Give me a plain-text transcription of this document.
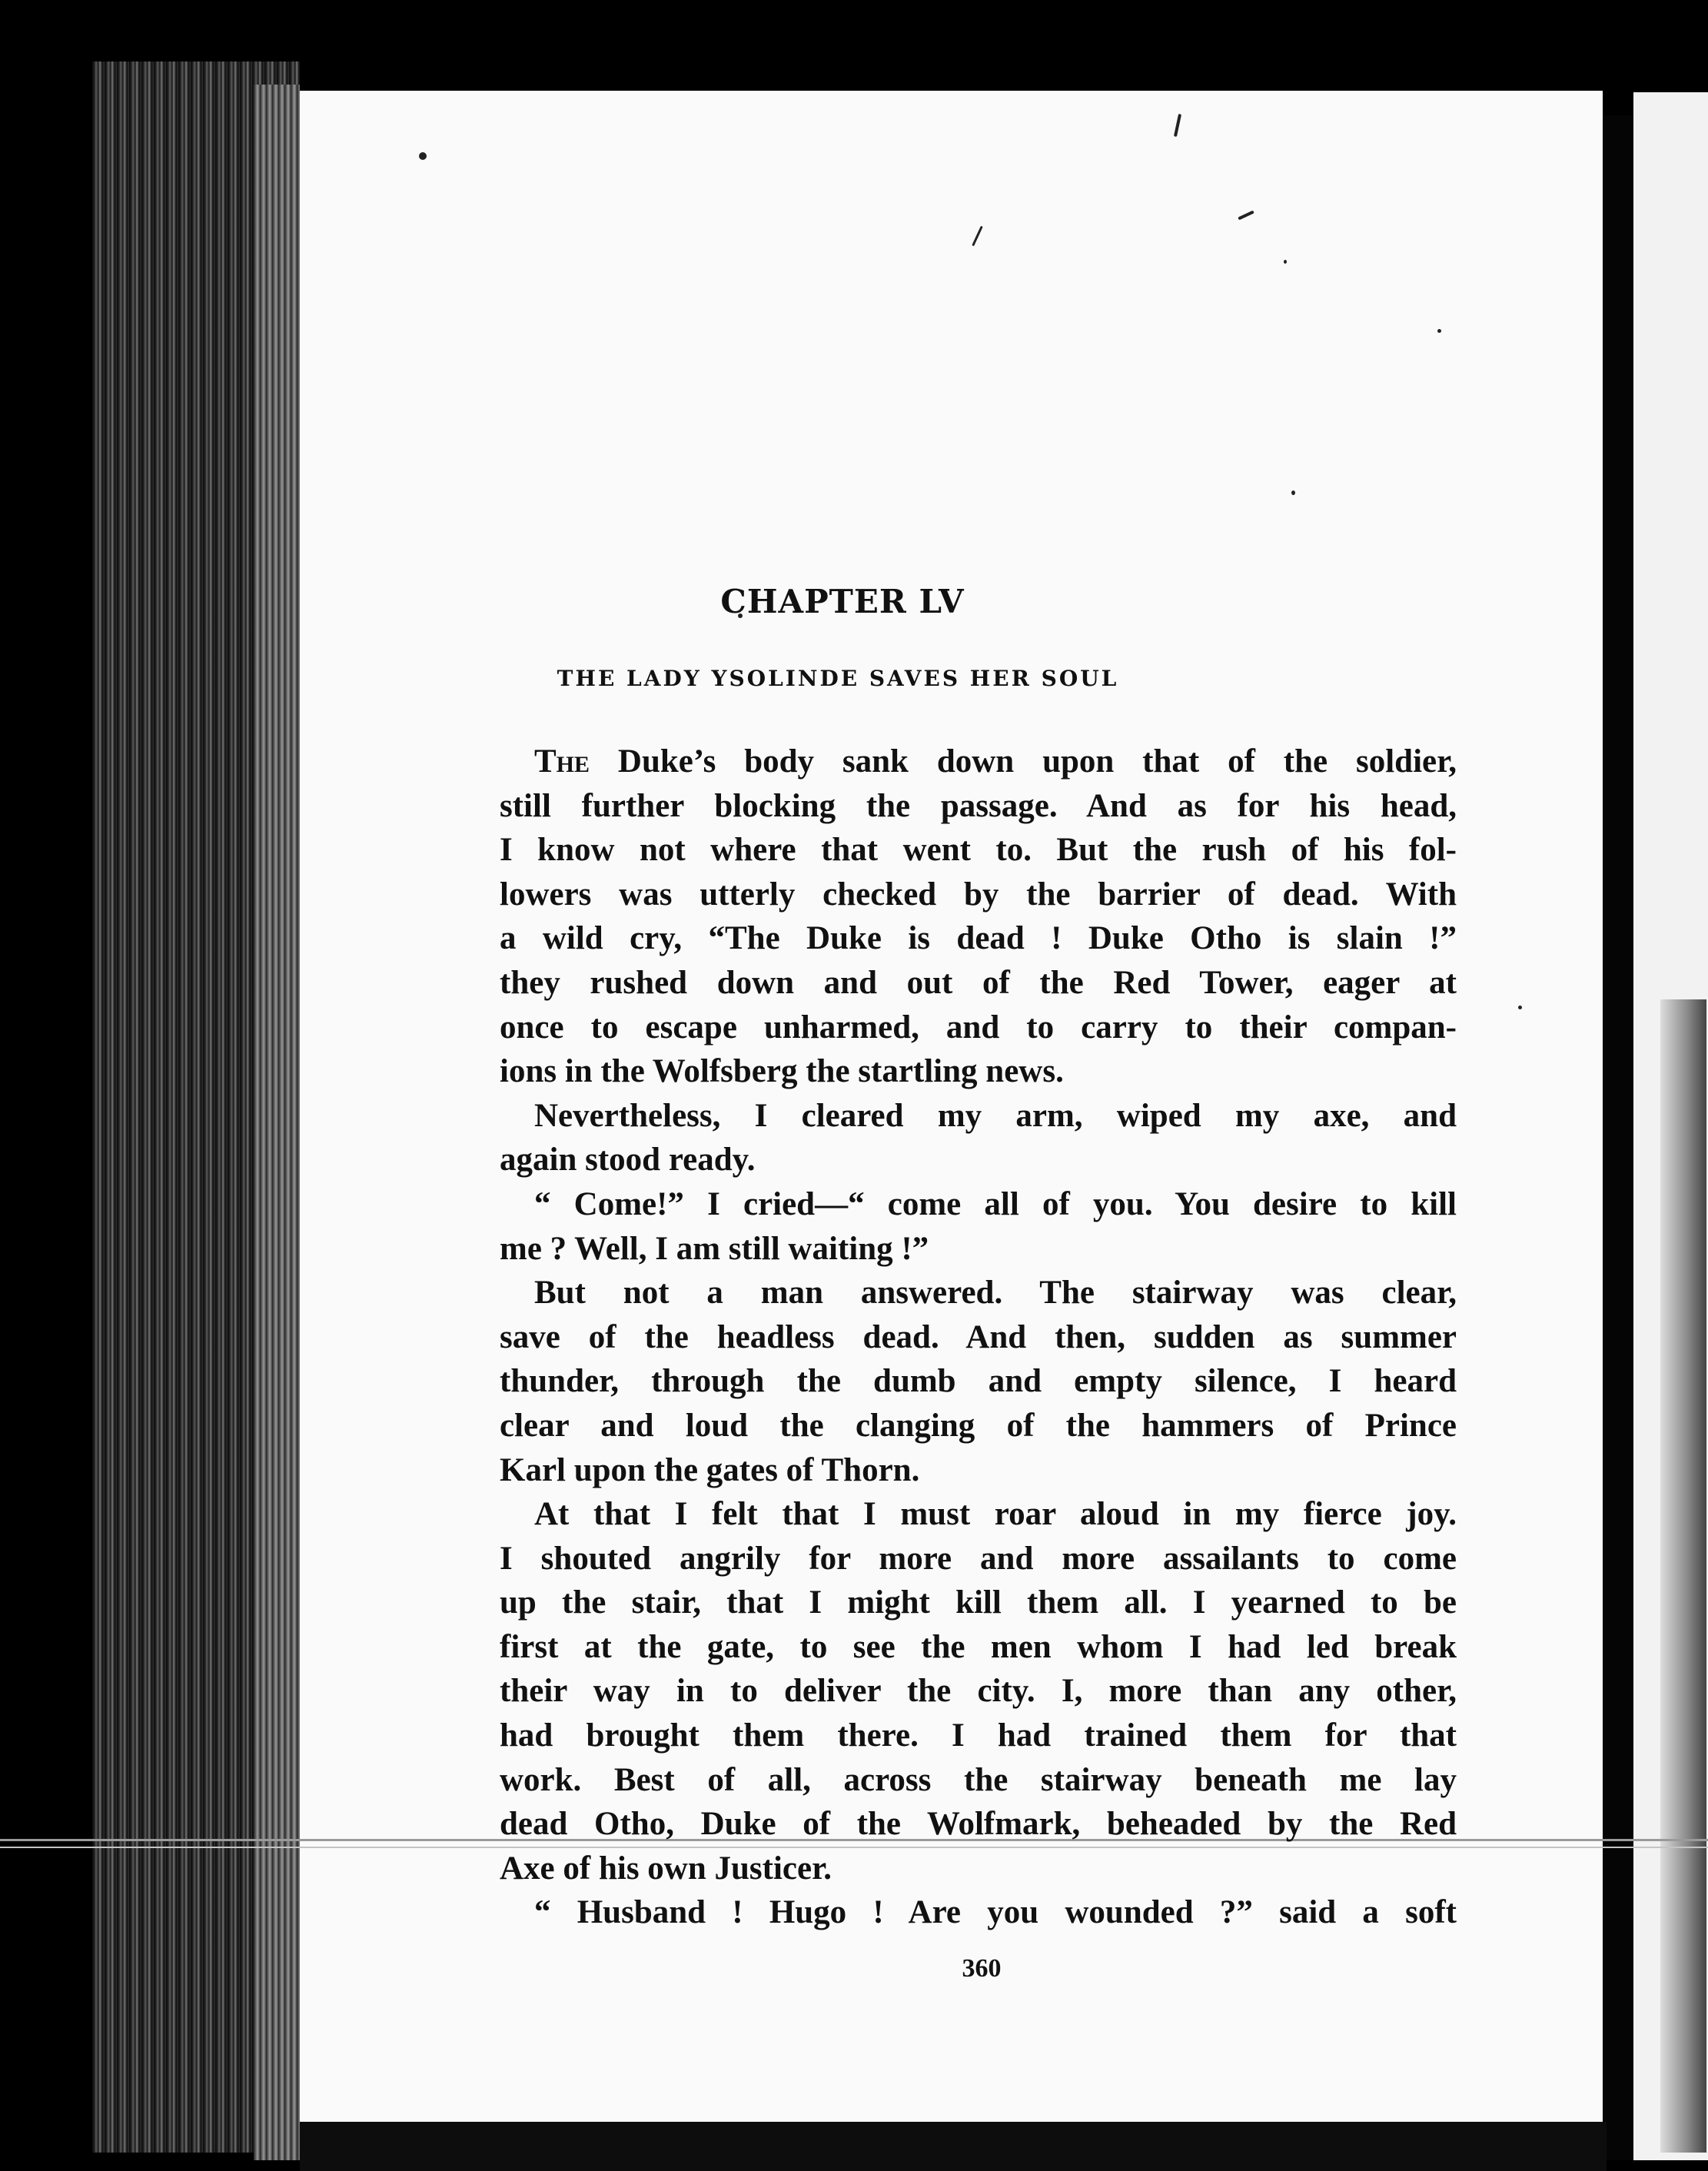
CHAPTER LV
THE LADY YSOLINDE SAVES HER SOUL
The Duke’s body sank down upon that of the soldier,
still further blocking the passage. And as for his head,
I know not where that went to. But the rush of his fol-
lowers was utterly checked by the barrier of dead. With
a wild cry, “The Duke is dead ! Duke Otho is slain !”
they rushed down and out of the Red Tower, eager at
once to escape unharmed, and to carry to their compan-
ions in the Wolfsberg the startling news.
Nevertheless, I cleared my arm, wiped my axe, and
again stood ready.
“ Come!” I cried—“ come all of you. You desire to kill
me ? Well, I am still waiting !”
But not a man answered. The stairway was clear,
save of the headless dead. And then, sudden as summer
thunder, through the dumb and empty silence, I heard
clear and loud the clanging of the hammers of Prince
Karl upon the gates of Thorn.
At that I felt that I must roar aloud in my fierce joy.
I shouted angrily for more and more assailants to come
up the stair, that I might kill them all. I yearned to be
first at the gate, to see the men whom I had led break
their way in to deliver the city. I, more than any other,
had brought them there. I had trained them for that
work. Best of all, across the stairway beneath me lay
dead Otho, Duke of the Wolfmark, beheaded by the Red
Axe of his own Justicer.
“ Husband ! Hugo ! Are you wounded ?” said a soft
360
